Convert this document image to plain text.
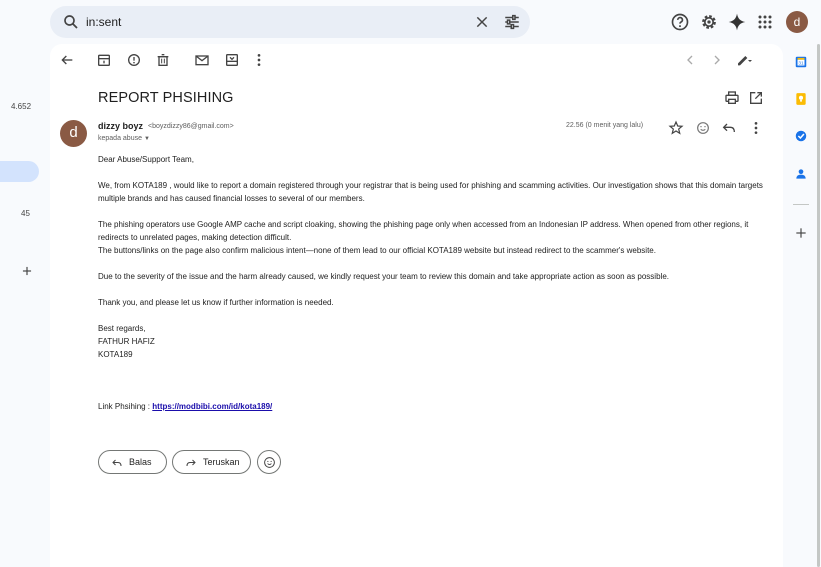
in:sent
d
4.652
45
REPORT PHSIHING
d	dizzy boyz <boyzdizzy86@gmail.com>
kepada abuse ▼
22.56 (0 menit yang lalu)
Dear Abuse/Support Team,
We, from KOTA189 , would like to report a domain registered through your registrar that is being used for phishing and scamming activities. Our investigation shows that this domain targets multiple brands and has caused financial losses to several of our members.
The phishing operators use Google AMP cache and script cloaking, showing the phishing page only when accessed from an Indonesian IP address. When opened from other regions, it redirects to unrelated pages, making detection difficult.
The buttons/links on the page also confirm malicious intent—none of them lead to our official KOTA189 website but instead redirect to the scammer's website.
Due to the severity of the issue and the harm already caused, we kindly request your team to review this domain and take appropriate action as soon as possible.
Thank you, and please let us know if further information is needed.
Best regards,
FATHUR HAFIZ
KOTA189
Link Phsihing : https://modbibi.com/id/kota189/
Balas	Teruskan
31
